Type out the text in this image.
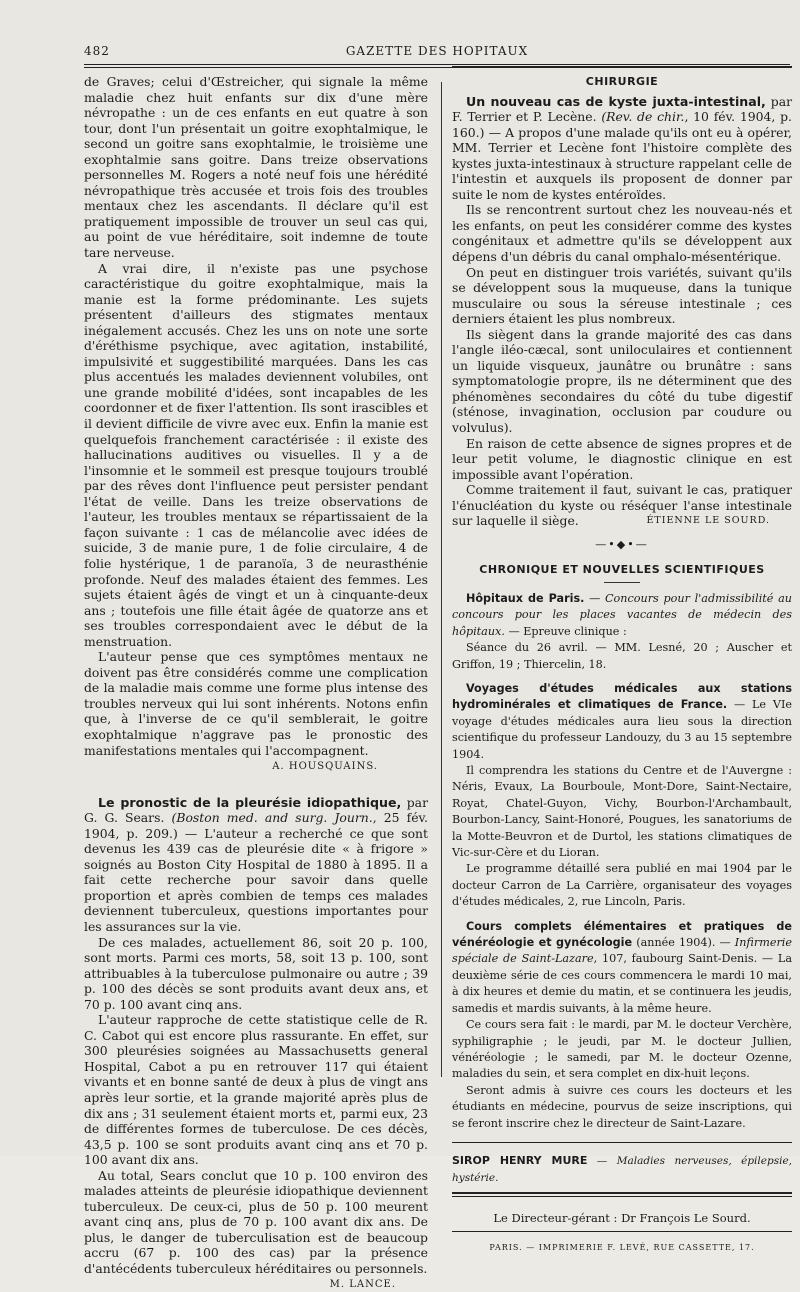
482	GAZETTE DES HOPITAUX

de Graves; celui d'Œstreicher, qui signale la même maladie chez huit enfants sur dix d'une mère névropathe : un de ces enfants en eut quatre à son tour, dont l'un présentait un goitre exophtalmique, le second un goitre sans exophtalmie, le troisième une exophtalmie sans goitre. Dans treize observations personnelles M. Rogers a noté neuf fois une hérédité névropathique très accusée et trois fois des troubles mentaux chez les ascendants. Il déclare qu'il est pratiquement impossible de trouver un seul cas qui, au point de vue héréditaire, soit indemne de toute tare nerveuse.

A vrai dire, il n'existe pas une psychose caractéristique du goitre exophtalmique, mais la manie est la forme prédominante. Les sujets présentent d'ailleurs des stigmates mentaux inégalement accusés. Chez les uns on note une sorte d'éréthisme psychique, avec agitation, instabilité, impulsivité et suggestibilité marquées. Dans les cas plus accentués les malades deviennent volubiles, ont une grande mobilité d'idées, sont incapables de les coordonner et de fixer l'attention. Ils sont irascibles et il devient difficile de vivre avec eux. Enfin la manie est quelquefois franchement caractérisée : il existe des hallucinations auditives ou visuelles. Il y a de l'insomnie et le sommeil est presque toujours troublé par des rêves dont l'influence peut persister pendant l'état de veille. Dans les treize observations de l'auteur, les troubles mentaux se répartissaient de la façon suivante : 1 cas de mélancolie avec idées de suicide, 3 de manie pure, 1 de folie circulaire, 4 de folie hystérique, 1 de paranoïa, 3 de neurasthénie profonde. Neuf des malades étaient des femmes. Les sujets étaient âgés de vingt et un à cinquante-deux ans ; toutefois une fille était âgée de quatorze ans et ses troubles correspondaient avec le début de la menstruation.

L'auteur pense que ces symptômes mentaux ne doivent pas être considérés comme une complication de la maladie mais comme une forme plus intense des troubles nerveux qui lui sont inhérents. Notons enfin que, à l'inverse de ce qu'il semblerait, le goitre exophtalmique n'aggrave pas le pronostic des manifestations mentales qui l'accompagnent.

A. HOUSQUAINS.

Le pronostic de la pleurésie idiopathique, par G. G. Sears. (Boston med. and surg. Journ., 25 fév. 1904, p. 209.) — L'auteur a recherché ce que sont devenus les 439 cas de pleurésie dite « à frigore » soignés au Boston City Hospital de 1880 à 1895. Il a fait cette recherche pour savoir dans quelle proportion et après combien de temps ces malades deviennent tuberculeux, questions importantes pour les assurances sur la vie.

De ces malades, actuellement 86, soit 20 p. 100, sont morts. Parmi ces morts, 58, soit 13 p. 100, sont attribuables à la tuberculose pulmonaire ou autre ; 39 p. 100 des décès se sont produits avant deux ans, et 70 p. 100 avant cinq ans.

L'auteur rapproche de cette statistique celle de R. C. Cabot qui est encore plus rassurante. En effet, sur 300 pleurésies soignées au Massachusetts general Hospital, Cabot a pu en retrouver 117 qui étaient vivants et en bonne santé de deux à plus de vingt ans après leur sortie, et la grande majorité après plus de dix ans ; 31 seulement étaient morts et, parmi eux, 23 de différentes formes de tuberculose. De ces décès, 43,5 p. 100 se sont produits avant cinq ans et 70 p. 100 avant dix ans.

Au total, Sears conclut que 10 p. 100 environ des malades atteints de pleurésie idiopathique deviennent tuberculeux. De ceux-ci, plus de 50 p. 100 meurent avant cinq ans, plus de 70 p. 100 avant dix ans. De plus, le danger de tuberculisation est de beaucoup accru (67 p. 100 des cas) par la présence d'antécédents tuberculeux héréditaires ou personnels.
M. LANCE.

CHIRURGIE

Un nouveau cas de kyste juxta-intestinal, par F. Terrier et P. Lecène. (Rev. de chir., 10 fév. 1904, p. 160.) — A propos d'une malade qu'ils ont eu à opérer, MM. Terrier et Lecène font l'histoire complète des kystes juxta-intestinaux à structure rappelant celle de l'intestin et auxquels ils proposent de donner par suite le nom de kystes entéroïdes.

Ils se rencontrent surtout chez les nouveau-nés et les enfants, on peut les considérer comme des kystes congénitaux et admettre qu'ils se développent aux dépens d'un débris du canal omphalo-mésentérique.

On peut en distinguer trois variétés, suivant qu'ils se développent sous la muqueuse, dans la tunique musculaire ou sous la séreuse intestinale ; ces derniers étaient les plus nombreux.

Ils siègent dans la grande majorité des cas dans l'angle iléo-cæcal, sont uniloculaires et contiennent un liquide visqueux, jaunâtre ou brunâtre : sans symptomatologie propre, ils ne déterminent que des phénomènes secondaires du côté du tube digestif (sténose, invagination, occlusion par coudure ou volvulus).

En raison de cette absence de signes propres et de leur petit volume, le diagnostic clinique en est impossible avant l'opération.

Comme traitement il faut, suivant le cas, pratiquer l'énucléation du kyste ou réséquer l'anse intestinale sur laquelle il siège.	ÉTIENNE LE SOURD.

—•◆•—
CHRONIQUE ET NOUVELLES SCIENTIFIQUES

Hôpitaux de Paris. — Concours pour l'admissibilité au concours pour les places vacantes de médecin des hôpitaux. — Epreuve clinique :

Séance du 26 avril. — MM. Lesné, 20 ; Auscher et Griffon, 19 ; Thiercelin, 18.

Voyages d'études médicales aux stations hydrominérales et climatiques de France. — Le VIe voyage d'études médicales aura lieu sous la direction scientifique du professeur Landouzy, du 3 au 15 septembre 1904.

Il comprendra les stations du Centre et de l'Auvergne : Néris, Evaux, La Bourboule, Mont-Dore, Saint-Nectaire, Royat, Chatel-Guyon, Vichy, Bourbon-l'Archambault, Bourbon-Lancy, Saint-Honoré, Pougues, les sanatoriums de la Motte-Beuvron et de Durtol, les stations climatiques de Vic-sur-Cère et du Lioran.

Le programme détaillé sera publié en mai 1904 par le docteur Carron de La Carrière, organisateur des voyages d'études médicales, 2, rue Lincoln, Paris.

Cours complets élémentaires et pratiques de vénéréologie et gynécologie (année 1904). — Infirmerie spéciale de Saint-Lazare, 107, faubourg Saint-Denis. — La deuxième série de ces cours commencera le mardi 10 mai, à dix heures et demie du matin, et se continuera les jeudis, samedis et mardis suivants, à la même heure.

Ce cours sera fait : le mardi, par M. le docteur Verchère, syphiligraphie ; le jeudi, par M. le docteur Jullien, vénéréologie ; le samedi, par M. le docteur Ozenne, maladies du sein, et sera complet en dix-huit leçons.

Seront admis à suivre ces cours les docteurs et les étudiants en médecine, pourvus de seize inscriptions, qui se feront inscrire chez le directeur de Saint-Lazare.

SIROP HENRY MURE — Maladies nerveuses, épilepsie, hystérie.
Le Directeur-gérant : Dr François Le Sourd.
PARIS. — IMPRIMERIE F. LEVÉ, RUE CASSETTE, 17.
